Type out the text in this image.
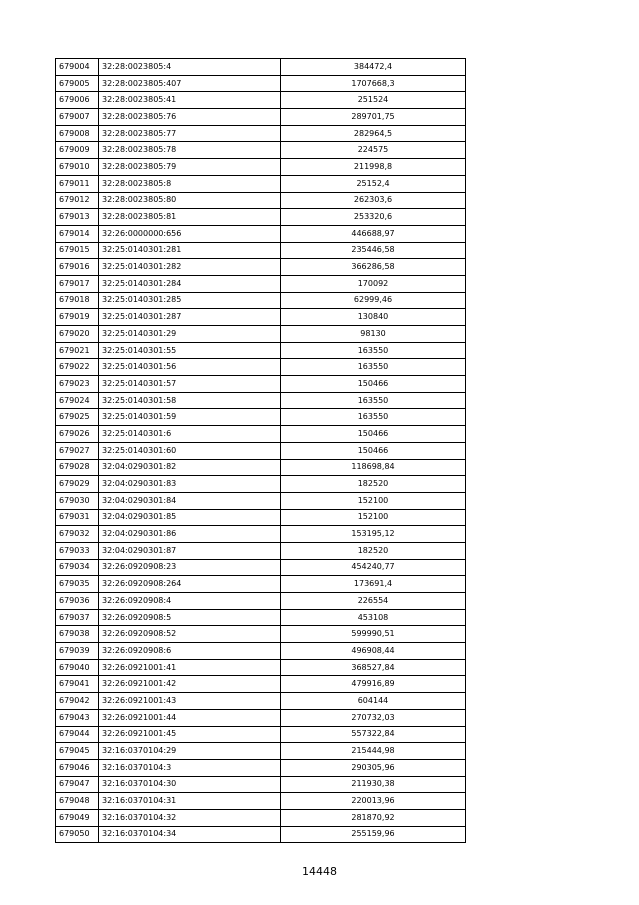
679004	32:28:0023805:4	384472,4
679005	32:28:0023805:407	1707668,3
679006	32:28:0023805:41	251524
679007	32:28:0023805:76	289701,75
679008	32:28:0023805:77	282964,5
679009	32:28:0023805:78	224575
679010	32:28:0023805:79	211998,8
679011	32:28:0023805:8	25152,4
679012	32:28:0023805:80	262303,6
679013	32:28:0023805:81	253320,6
679014	32:26:0000000:656	446688,97
679015	32:25:0140301:281	235446,58
679016	32:25:0140301:282	366286,58
679017	32:25:0140301:284	170092
679018	32:25:0140301:285	62999,46
679019	32:25:0140301:287	130840
679020	32:25:0140301:29	98130
679021	32:25:0140301:55	163550
679022	32:25:0140301:56	163550
679023	32:25:0140301:57	150466
679024	32:25:0140301:58	163550
679025	32:25:0140301:59	163550
679026	32:25:0140301:6	150466
679027	32:25:0140301:60	150466
679028	32:04:0290301:82	118698,84
679029	32:04:0290301:83	182520
679030	32:04:0290301:84	152100
679031	32:04:0290301:85	152100
679032	32:04:0290301:86	153195,12
679033	32:04:0290301:87	182520
679034	32:26:0920908:23	454240,77
679035	32:26:0920908:264	173691,4
679036	32:26:0920908:4	226554
679037	32:26:0920908:5	453108
679038	32:26:0920908:52	599990,51
679039	32:26:0920908:6	496908,44
679040	32:26:0921001:41	368527,84
679041	32:26:0921001:42	479916,89
679042	32:26:0921001:43	604144
679043	32:26:0921001:44	270732,03
679044	32:26:0921001:45	557322,84
679045	32:16:0370104:29	215444,98
679046	32:16:0370104:3	290305,96
679047	32:16:0370104:30	211930,38
679048	32:16:0370104:31	220013,96
679049	32:16:0370104:32	281870,92
679050	32:16:0370104:34	255159,96
14448
